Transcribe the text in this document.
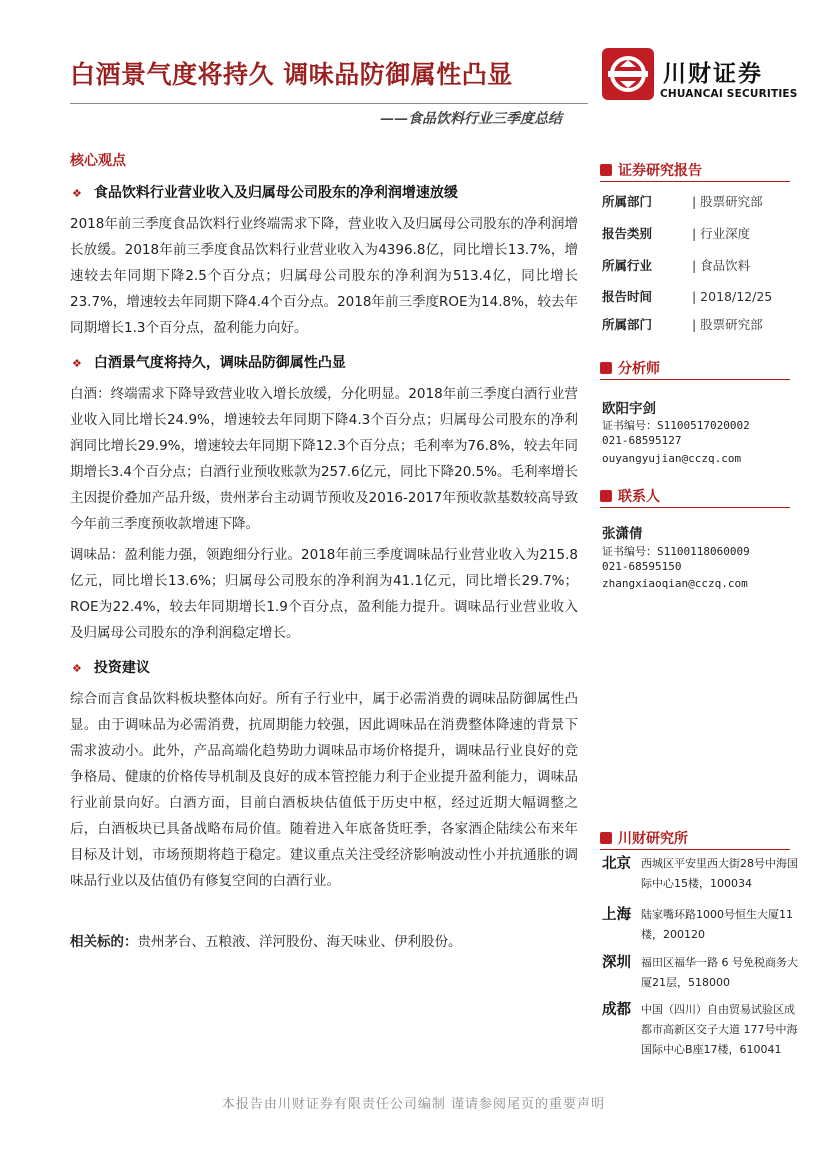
白酒景气度将持久 调味品防御属性凸显
——食品饮料行业三季度总结
川财证券
CHUANCAI SECURITIES
核心观点
❖ 食品饮料行业营业收入及归属母公司股东的净利润增速放缓
2018年前三季度食品饮料行业终端需求下降，营业收入及归属母公司股东的净利润增长放缓。2018年前三季度食品饮料行业营业收入为4396.8亿，同比增长13.7%，增速较去年同期下降2.5个百分点；归属母公司股东的净利润为513.4亿，同比增长23.7%，增速较去年同期下降4.4个百分点。2018年前三季度ROE为14.8%，较去年同期增长1.3个百分点，盈利能力向好。
❖ 白酒景气度将持久，调味品防御属性凸显
白酒：终端需求下降导致营业收入增长放缓，分化明显。2018年前三季度白酒行业营业收入同比增长24.9%，增速较去年同期下降4.3个百分点；归属母公司股东的净利润同比增长29.9%，增速较去年同期下降12.3个百分点；毛利率为76.8%，较去年同期增长3.4个百分点；白酒行业预收账款为257.6亿元，同比下降20.5%。毛利率增长主因提价叠加产品升级，贵州茅台主动调节预收及2016-2017年预收款基数较高导致今年前三季度预收款增速下降。
调味品：盈利能力强，领跑细分行业。2018年前三季度调味品行业营业收入为215.8亿元，同比增长13.6%；归属母公司股东的净利润为41.1亿元，同比增长29.7%；ROE为22.4%，较去年同期增长1.9个百分点，盈利能力提升。调味品行业营业收入及归属母公司股东的净利润稳定增长。
❖ 投资建议
综合而言食品饮料板块整体向好。所有子行业中，属于必需消费的调味品防御属性凸显。由于调味品为必需消费，抗周期能力较强，因此调味品在消费整体降速的背景下需求波动小。此外，产品高端化趋势助力调味品市场价格提升，调味品行业良好的竞争格局、健康的价格传导机制及良好的成本管控能力利于企业提升盈利能力，调味品行业前景向好。白酒方面，目前白酒板块估值低于历史中枢，经过近期大幅调整之后，白酒板块已具备战略布局价值。随着进入年底备货旺季，各家酒企陆续公布来年目标及计划，市场预期将趋于稳定。建议重点关注受经济影响波动性小并抗通胀的调味品行业以及估值仍有修复空间的白酒行业。
相关标的：贵州茅台、五粮液、洋河股份、海天味业、伊利股份。
证券研究报告
所属部门	| 股票研究部
报告类别	| 行业深度
所属行业	| 食品饮料
报告时间	| 2018/12/25
所属部门	| 股票研究部
分析师
欧阳宇剑
证书编号：S1100517020002
021-68595127
ouyangyujian@cczq.com
联系人
张潇倩
证书编号：S1100118060009
021-68595150
zhangxiaoqian@cczq.com
川财研究所
北京 西城区平安里西大街28号中海国际中心15楼，100034
上海 陆家嘴环路1000号恒生大厦11楼，200120
深圳 福田区福华一路 6 号免税商务大厦21层，518000
成都 中国（四川）自由贸易试验区成都市高新区交子大道 177号中海国际中心B座17楼，610041
本报告由川财证券有限责任公司编制 谨请参阅尾页的重要声明
